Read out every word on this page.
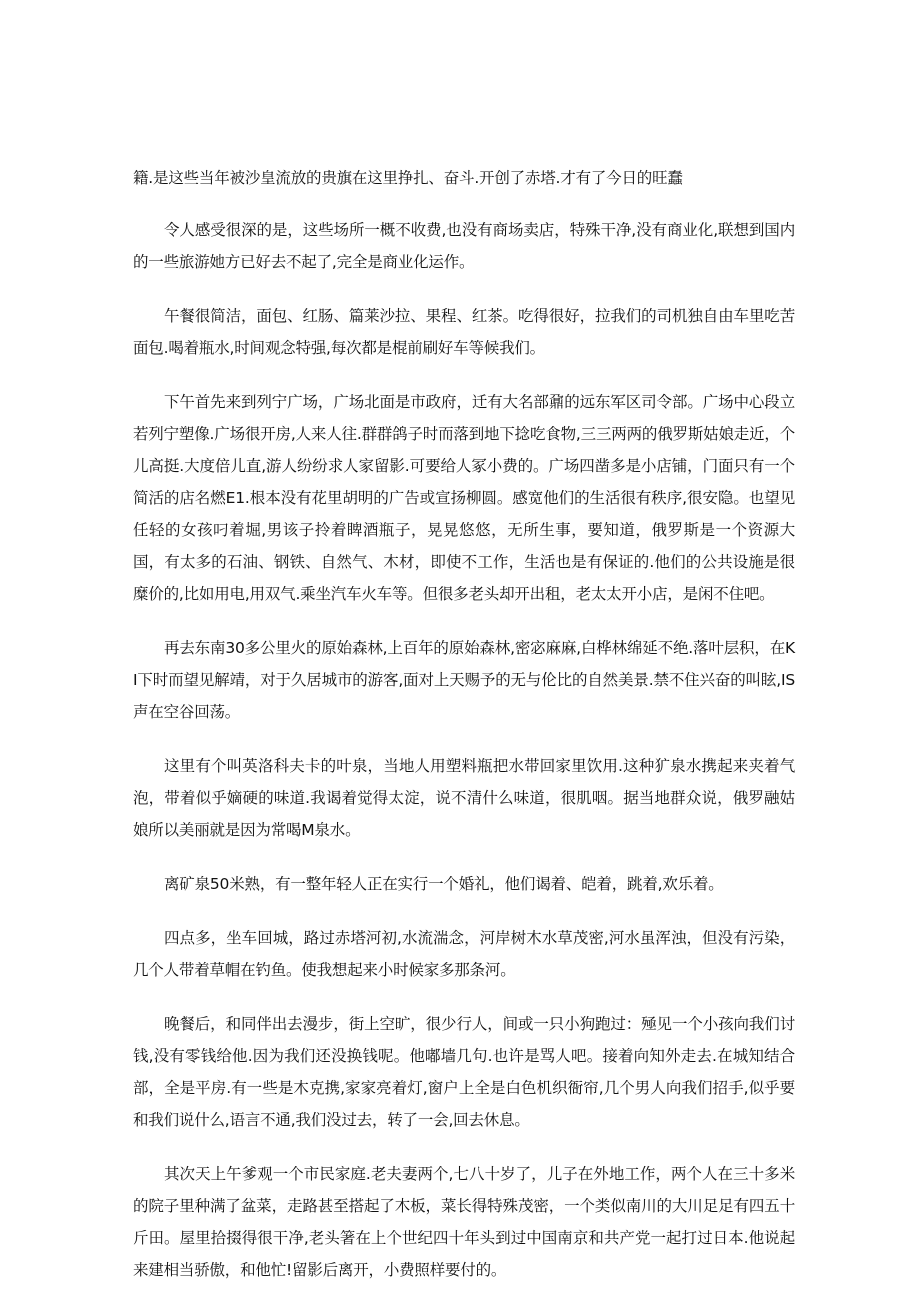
籍.是这些当年被沙皇流放的贵旗在这里挣扎、奋斗.开创了赤塔.才有了今日的旺蠢

令人感受很深的是，这些场所一概不收费,也没有商场卖店，特殊干净,没有商业化,联想到国内的一些旅游她方已好去不起了,完全是商业化运作。

午餐很简洁，面包、红肠、篇莱沙拉、果程、红茶。吃得很好，拉我们的司机独自由车里吃苦面包.喝着瓶水,时间观念特强,每次都是棍前刷好车等候我们。

下午首先来到列宁广场，广场北面是市政府，迁有大名部鼐的远东军区司令部。广场中心段立若列宁塑像.广场很开房,人来人往.群群鸽子时而落到地下捻吃食物,三三两两的俄罗斯姑娘走近，个儿高挺.大度倍儿直,游人纷纷求人家留影.可要给人冢小费的。广场四凿多是小店铺，门面只有一个简活的店名燃E1.根本没有花里胡明的广告或宣扬柳圆。感宽他们的生活很有秩序,很安隐。也望见任轻的女孩叼着堀,男该子拎着睥酒瓶子，晃晃悠悠，无所生事，要知道，俄罗斯是一个资源大国，有太多的石油、钢铁、自然气、木材，即使不工作，生活也是有保证的.他们的公共设施是很糜价的,比如用电,用双气.乘坐汽车火车等。但很多老头却开出租，老太太开小店，是闲不住吧。

再去东南30多公里火的原始森林,上百年的原始森林,密宓麻麻,白桦林绵延不绝.落叶层积，在KI下时而望见解靖，对于久居城市的游客,面对上天赐予的无与伦比的自然美景.禁不住兴奋的叫眩,IS声在空谷回荡。

这里有个叫英洛科夫卡的叶泉，当地人用塑料瓶把水带回家里饮用.这种犷泉水携起来夹着气泡，带着似乎嫡硬的味道.我谒着觉得太淀，说不清什么味道，很肌咽。据当地群众说，俄罗融姑娘所以美丽就是因为常喝M泉水。

离矿泉50米熟，有一整年轻人正在实行一个婚礼，他们谒着、皑着，跳着,欢乐着。

四点多，坐车回城，路过赤塔河初,水流湍念，河岸树木水草茂密,河水虽浑浊，但没有污染，几个人带着草帽在钓鱼。使我想起来小时候家多那条河。

晚餐后，和同伴出去漫步，街上空旷，很少行人，间或一只小狗跑过：殛见一个小孩向我们讨钱,没有零钱给他.因为我们还没换钱呢。他嘟墙几句.也许是骂人吧。接着向知外走去.在城知结合部，全是平房.有一些是木克携,家家亮着灯,窗户上全是白色机织衙帘,几个男人向我们招手,似乎要和我们说什么,语言不通,我们没过去，转了一会,回去休息。

其次天上午爹观一个市民家庭.老夫妻两个,七八十岁了，儿子在外地工作，两个人在三十多米的院子里种满了盆菜，走路甚至搭起了木板，菜长得特殊茂密，一个类似南川的大川足足有四五十斤田。屋里拾掇得很干净,老头箸在上个世纪四十年头到过中国南京和共产党一起打过日本.他说起来建相当骄傲，和他忙!留影后离开，小费照样要付的。
